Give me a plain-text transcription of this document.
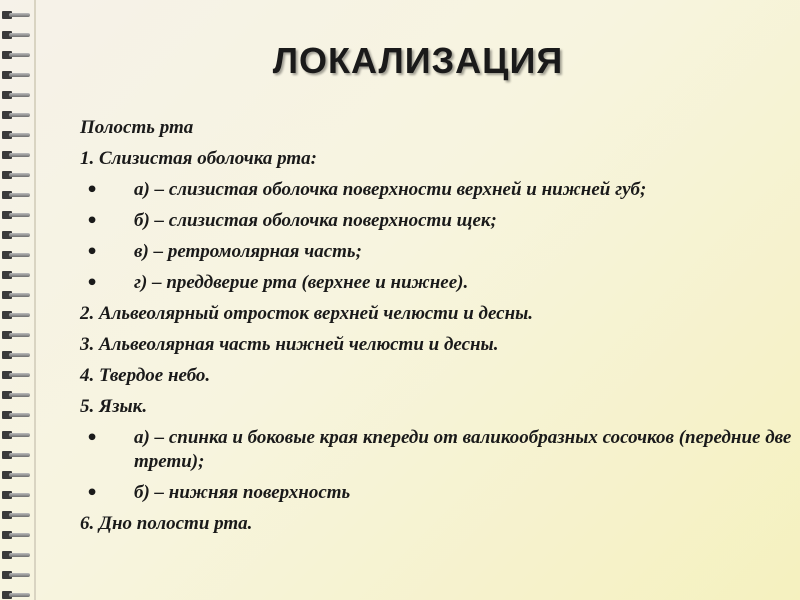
ЛОКАЛИЗАЦИЯ
Полость рта
1. Слизистая оболочка рта:
• а) – слизистая оболочка поверхности верхней и нижней губ;
• б) – слизистая оболочка поверхности щек;
• в) – ретромолярная часть;
• г) – преддверие рта (верхнее и нижнее).
2. Альвеолярный отросток верхней челюсти и десны.
3. Альвеолярная часть нижней челюсти и десны.
4. Твердое небо.
5. Язык.
• а) – спинка и боковые края кпереди от валикообразных сосочков (передние две трети);
• б) – нижняя поверхность
6. Дно полости рта.
